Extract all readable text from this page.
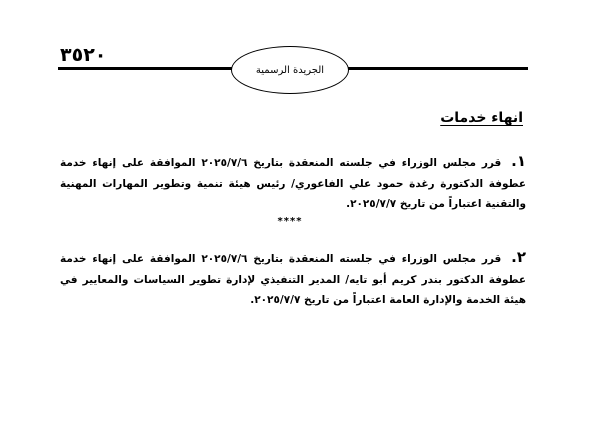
٣٥٢٠
الجريدة الرسمية
انهاء خدمات
١. قرر مجلس الوزراء في جلسته المنعقدة بتاريخ ٢٠٢٥/٧/٦ الموافقة على إنهاء خدمة عطوفة الدكتورة رغدة حمود علي الفاعوري/ رئيس هيئة تنمية وتطوير المهارات المهنية والتقنية اعتباراً من تاريخ ٢٠٢٥/٧/٧.
****
٢. قرر مجلس الوزراء في جلسته المنعقدة بتاريخ ٢٠٢٥/٧/٦ الموافقة على إنهاء خدمة عطوفة الدكتور بندر كريم أبو تايه/ المدير التنفيذي لإدارة تطوير السياسات والمعايير في هيئة الخدمة والإدارة العامة اعتباراً من تاريخ ٢٠٢٥/٧/٧.
